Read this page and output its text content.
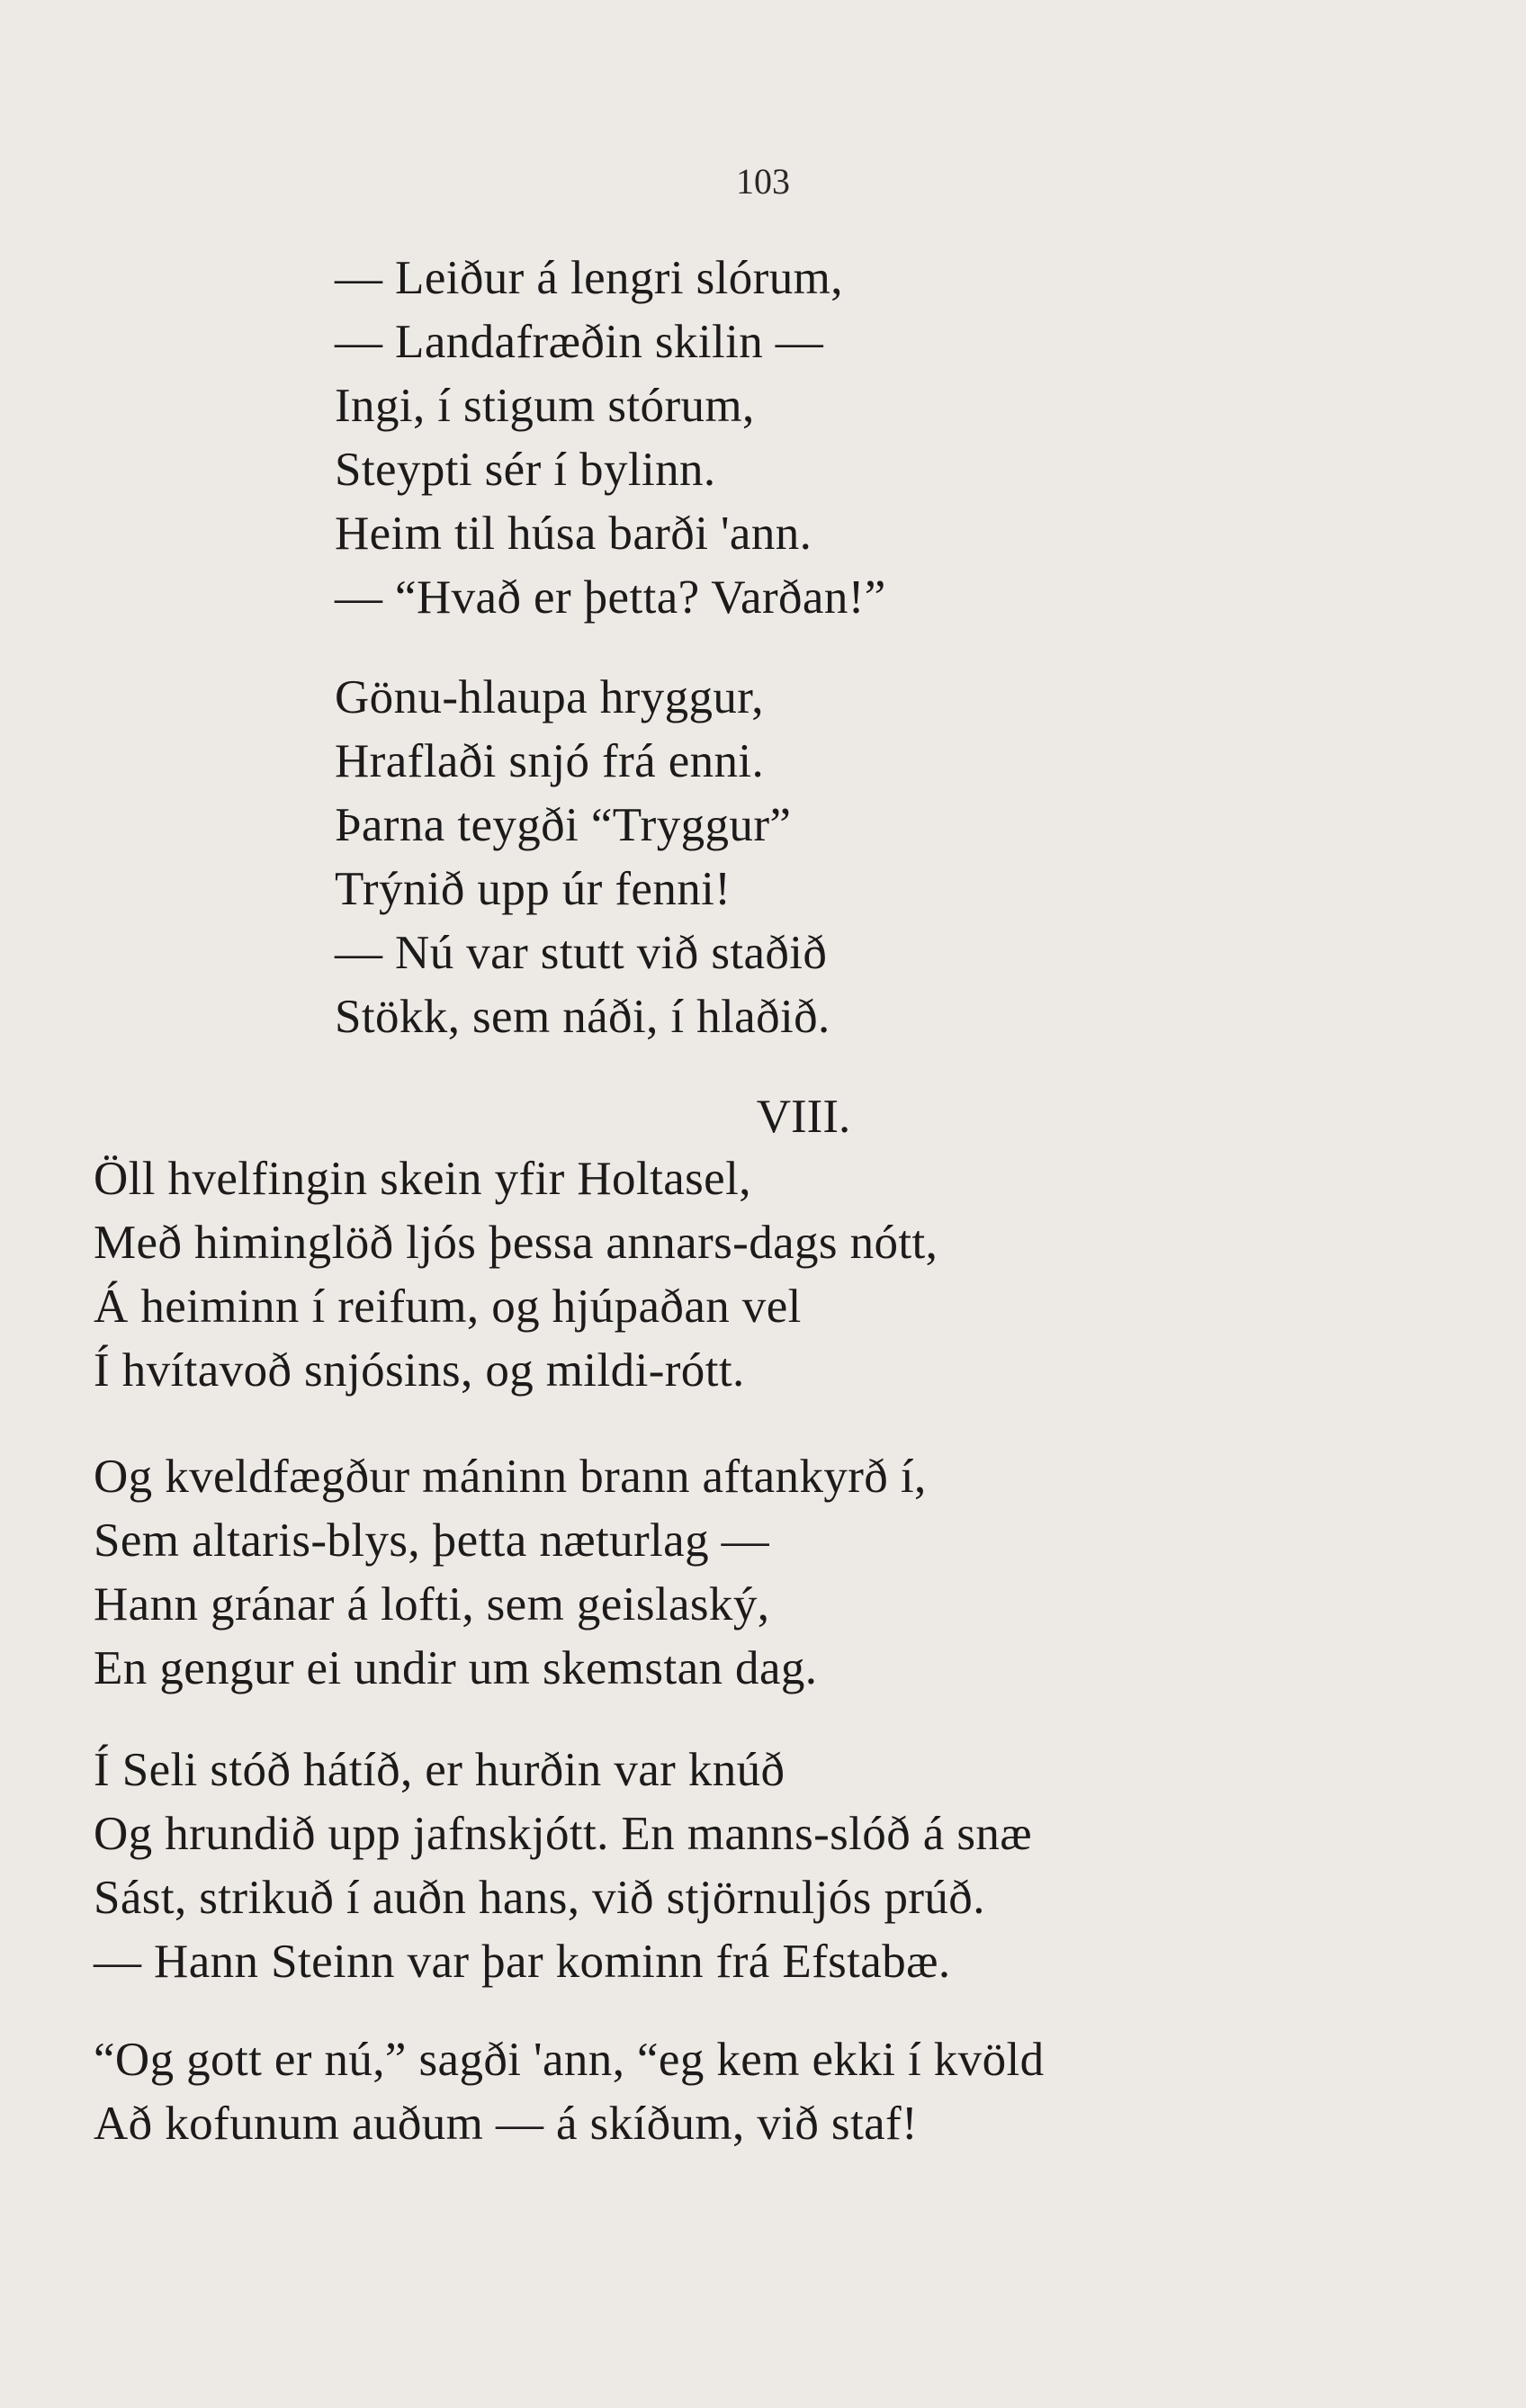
103
— Leiður á lengri slórum,
— Landafræðin skilin —
Ingi, í stigum stórum,
Steypti sér í bylinn.
Heim til húsa barði 'ann.
— “Hvað er þetta? Varðan!”
Gönu-hlaupa hryggur,
Hraflaði snjó frá enni.
Þarna teygði “Tryggur”
Trýnið upp úr fenni!
— Nú var stutt við staðið
Stökk, sem náði, í hlaðið.
VIII.
Öll hvelfingin skein yfir Holtasel,
Með himinglöð ljós þessa annars-dags nótt,
Á heiminn í reifum, og hjúpaðan vel
Í hvítavoð snjósins, og mildi-rótt.
Og kveldfægður máninn brann aftankyrð í,
Sem altaris-blys, þetta næturlag —
Hann gránar á lofti, sem geislaský,
En gengur ei undir um skemstan dag.
Í Seli stóð hátíð, er hurðin var knúð
Og hrundið upp jafnskjótt. En manns-slóð á snæ
Sást, strikuð í auðn hans, við stjörnuljós prúð.
— Hann Steinn var þar kominn frá Efstabæ.
“Og gott er nú,” sagði 'ann, “eg kem ekki í kvöld
Að kofunum auðum — á skíðum, við staf!
